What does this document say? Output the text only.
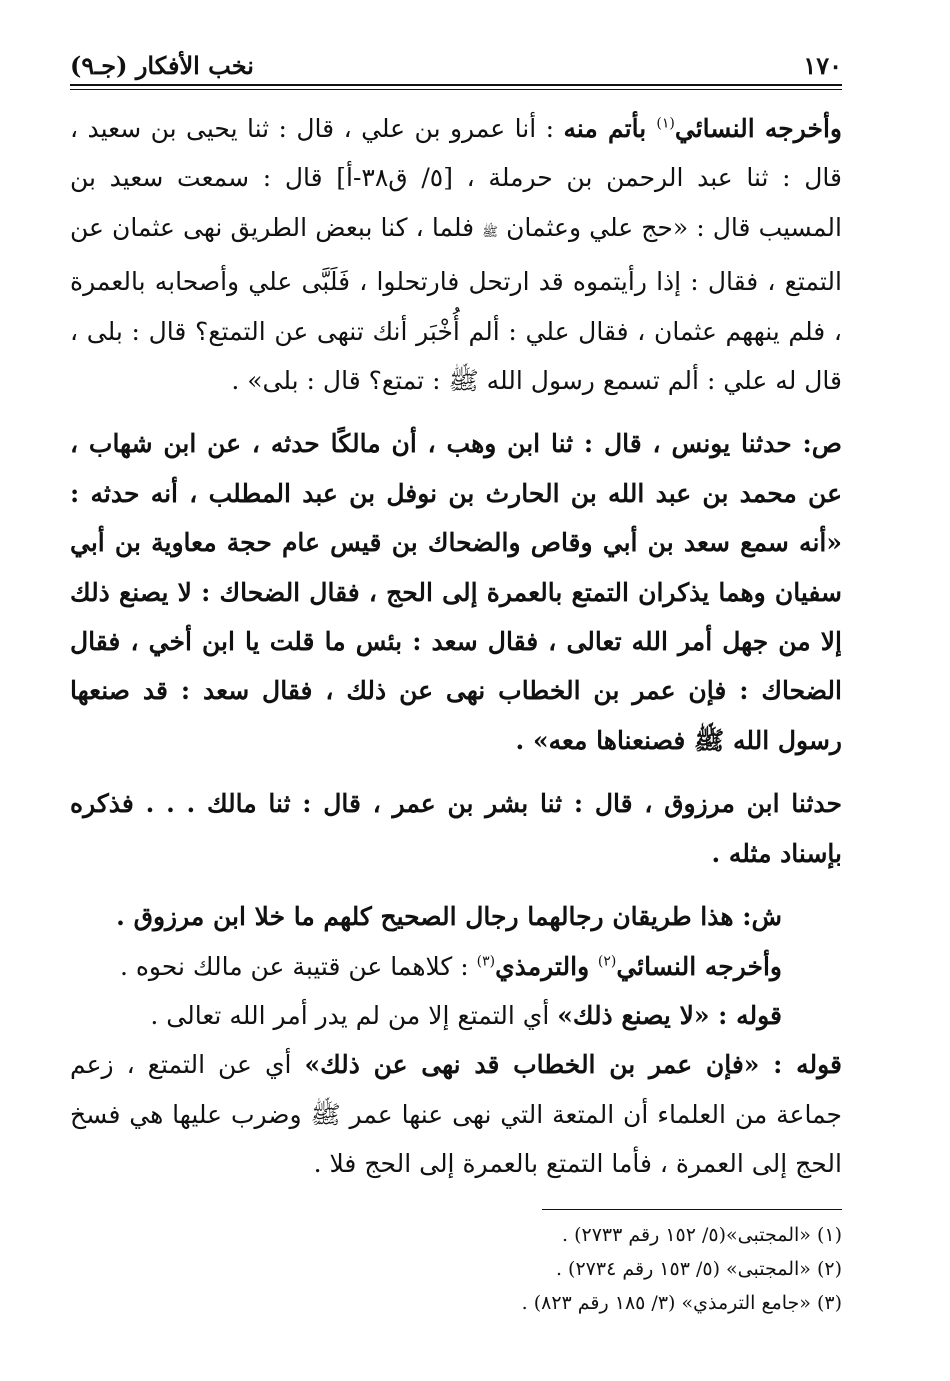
١٧٠
نخب الأفكار (جـ٩)

وأخرجه النسائي$^{(١)}$ بأتم منه : أنا عمرو بن علي ، قال : ثنا يحيى بن سعيد ، قال : ثنا عبد الرحمن بن حرملة ، [٥/ ق٣٨-أ] قال : سمعت سعيد بن المسيب قال : «حج علي وعثمان ﷺ فلما ، كنا ببعض الطريق نهى عثمان عن التمتع ، فقال : إذا رأيتموه قد ارتحل فارتحلوا ، فَلَبَّى علي وأصحابه بالعمرة ، فلم ينههم عثمان ، فقال علي : ألم أُخْبَر أنك تنهى عن التمتع؟ قال : بلى ، قال له علي : ألم تسمع رسول الله ﷺ : تمتع؟ قال : بلى» .

ص: حدثنا يونس ، قال : ثنا ابن وهب ، أن مالكًا حدثه ، عن ابن شهاب ، عن محمد بن عبد الله بن الحارث بن نوفل بن عبد المطلب ، أنه حدثه : «أنه سمع سعد بن أبي وقاص والضحاك بن قيس عام حجة معاوية بن أبي سفيان وهما يذكران التمتع بالعمرة إلى الحج ، فقال الضحاك : لا يصنع ذلك إلا من جهل أمر الله تعالى ، فقال سعد : بئس ما قلت يا ابن أخي ، فقال الضحاك : فإن عمر بن الخطاب نهى عن ذلك ، فقال سعد : قد صنعها رسول الله ﷺ فصنعناها معه» .

حدثنا ابن مرزوق ، قال : ثنا بشر بن عمر ، قال : ثنا مالك . . . فذكره بإسناد مثله .

ش: هذا طريقان رجالهما رجال الصحيح كلهم ما خلا ابن مرزوق .

وأخرجه النسائي$^{(٢)}$ والترمذي$^{(٣)}$ : كلاهما عن قتيبة عن مالك نحوه .

قوله : «لا يصنع ذلك» أي التمتع إلا من لم يدر أمر الله تعالى .

قوله : «فإن عمر بن الخطاب قد نهى عن ذلك» أي عن التمتع ، زعم جماعة من العلماء أن المتعة التي نهى عنها عمر ﷺ وضرب عليها هي فسخ الحج إلى العمرة ، فأما التمتع بالعمرة إلى الحج فلا .

(١) «المجتبى»(٥/ ١٥٢ رقم ٢٧٣٣) .
(٢) «المجتبى» (٥/ ١٥٣ رقم ٢٧٣٤) .
(٣) «جامع الترمذي» (٣/ ١٨٥ رقم ٨٢٣) .
